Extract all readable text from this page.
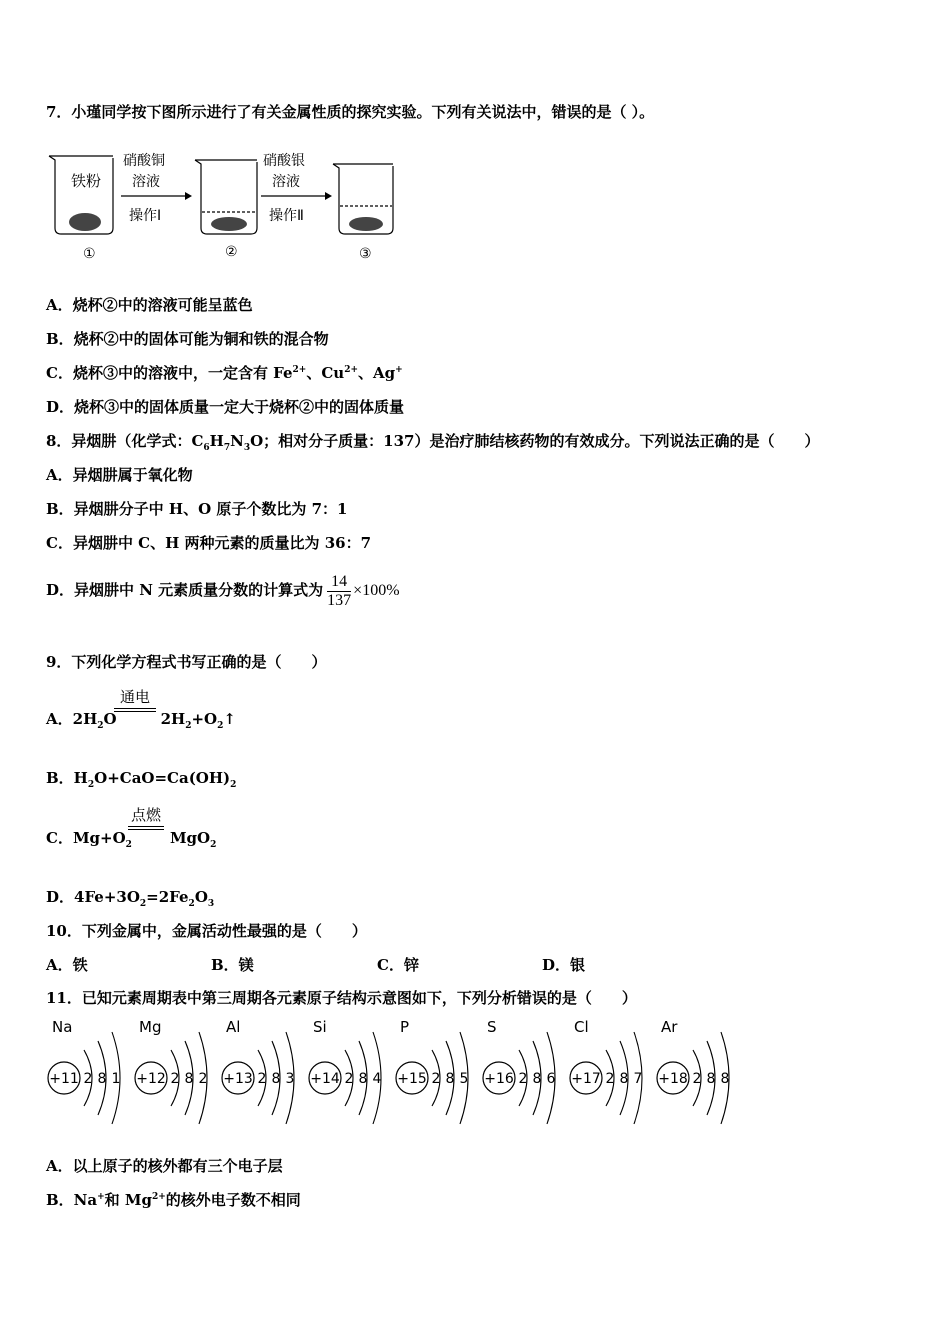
7．小瑾同学按下图所示进行了有关金属性质的探究实验。下列有关说法中，错误的是（ ）。
铁粉
硝酸铜
溶液
操作Ⅰ
硝酸银
溶液
操作Ⅱ
①	②	③
A．烧杯②中的溶液可能呈蓝色
B．烧杯②中的固体可能为铜和铁的混合物
C．烧杯③中的溶液中，一定含有 $Fe^{2+}$、$Cu^{2+}$、Ag+
D．烧杯③中的固体质量一定大于烧杯②中的固体质量
8．异烟肼（化学式：$C_6H_7N_3O$；相对分子质量：137）是治疗肺结核药物的有效成分。下列说法正确的是（　　）
A．异烟肼属于氧化物
B．异烟肼分子中 H、O 原子个数比为 7：1
C．异烟肼中 C、H 两种元素的质量比为 36：7
D．异烟肼中 N 元素质量分数的计算式为 $\frac{14}{137} \times 100\%$
9．下列化学方程式书写正确的是（　　）
通电
A．$2H_2O$	$2H_2+O_2↑$
B．$H_2O+CaO=Ca(OH)_2$
点燃
C．$Mg+O_2$	MgO$_2$
D．$4Fe+3O_2=2Fe_2O_3$
10．下列金属中，金属活动性最强的是（　　）
A．铁	B．镁	C．锌	D．银
11．已知元素周期表中第三周期各元素原子结构示意图如下，下列分析错误的是（　　）
Na
+11 2 8 1
Mg
+12 2 8 2
Al
+13 2 8 3
Si
+14 2 8 4
P
+15 2 8 5
S
+16 2 8 6
Cl
+17 2 8 7
Ar
+18 2 8 8
A．以上原子的核外都有三个电子层
B．Na+和 $Mg^{2+}$的核外电子数不相同
